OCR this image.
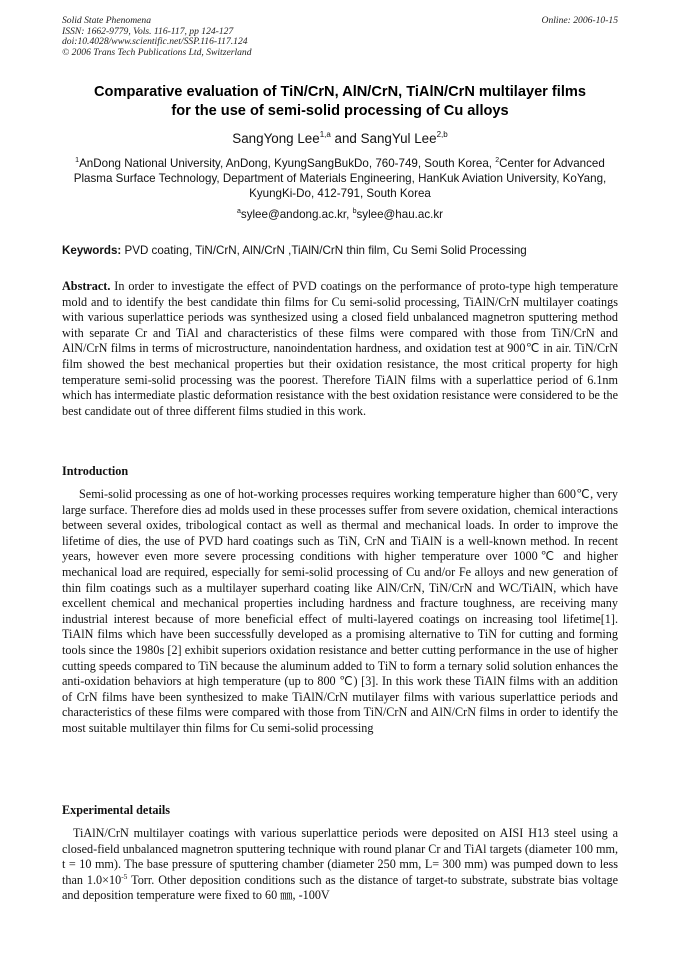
Solid State Phenomena
ISSN: 1662-9779, Vols. 116-117, pp 124-127
doi:10.4028/www.scientific.net/SSP.116-117.124
© 2006 Trans Tech Publications Ltd, Switzerland
Online: 2006-10-15
Comparative evaluation of TiN/CrN, AlN/CrN, TiAlN/CrN multilayer films
for the use of semi-solid processing of Cu alloys
SangYong Lee$^{1,a}$ and SangYul Lee$^{2,b}$
$^1$AnDong National University, AnDong, KyungSangBukDo, 760-749, South Korea, $^2$Center for Advanced Plasma Surface Technology, Department of Materials Engineering, HanKuk Aviation University, KoYang, KyungKi-Do, 412-791, South Korea
$^a$sylee@andong.ac.kr, $^b$sylee@hau.ac.kr
Keywords: PVD coating, TiN/CrN, AlN/CrN ,TiAlN/CrN thin film, Cu Semi Solid Processing
Abstract. In order to investigate the effect of PVD coatings on the performance of proto-type high temperature mold and to identify the best candidate thin films for Cu semi-solid processing, TiAlN/CrN multilayer coatings with various superlattice periods was synthesized using a closed field unbalanced magnetron sputtering method with separate Cr and TiAl and characteristics of these films were compared with those from TiN/CrN and AlN/CrN films in terms of microstructure, nanoindentation hardness, and oxidation test at 900℃ in air. TiN/CrN film showed the best mechanical properties but their oxidation resistance, the most critical property for high temperature semi-solid processing was the poorest. Therefore TiAlN films with a superlattice period of 6.1nm which has intermediate plastic deformation resistance with the best oxidation resistance were considered to be the best candidate out of three different films studied in this work.
Introduction
Semi-solid processing as one of hot-working processes requires working temperature higher than 600℃, very large surface. Therefore dies ad molds used in these processes suffer from severe oxidation, chemical interactions between several oxides, tribological contact as well as thermal and mechanical loads. In order to improve the lifetime of dies, the use of PVD hard coatings such as TiN, CrN and TiAlN is a well-known method. In recent years, however even more severe processing conditions with higher temperature over 1000℃ and higher mechanical load are required, especially for semi-solid processing of Cu and/or Fe alloys and new generation of thin film coatings such as a multilayer superhard coating like AlN/CrN, TiN/CrN and WC/TiAlN, which have excellent chemical and mechanical properties including hardness and fracture toughness, are receiving many industrial interest because of more beneficial effect of multi-layered coatings on increasing tool lifetime[1]. TiAlN films which have been successfully developed as a promising alternative to TiN for cutting and forming tools since the 1980s [2] exhibit superiors oxidation resistance and better cutting performance in the use of higher cutting speeds compared to TiN because the aluminum added to TiN to form a ternary solid solution enhances the anti-oxidation behaviors at high temperature (up to 800 ℃) [3]. In this work these TiAlN films with an addition of CrN films have been synthesized to make TiAlN/CrN mutilayer films with various superlattice periods and characteristics of these films were compared with those from TiN/CrN and AlN/CrN films in order to identify the most suitable multilayer thin films for Cu semi-solid processing
Experimental details
TiAlN/CrN multilayer coatings with various superlattice periods were deposited on AISI H13 steel using a closed-field unbalanced magnetron sputtering technique with round planar Cr and TiAl targets (diameter 100 mm, t = 10 mm). The base pressure of sputtering chamber (diameter 250 mm, L= 300 mm) was pumped down to less than $1.0\times 10^{-5}$ Torr. Other deposition conditions such as the distance of target-to substrate, substrate bias voltage and deposition temperature were fixed to 60 ㎜, -100V
